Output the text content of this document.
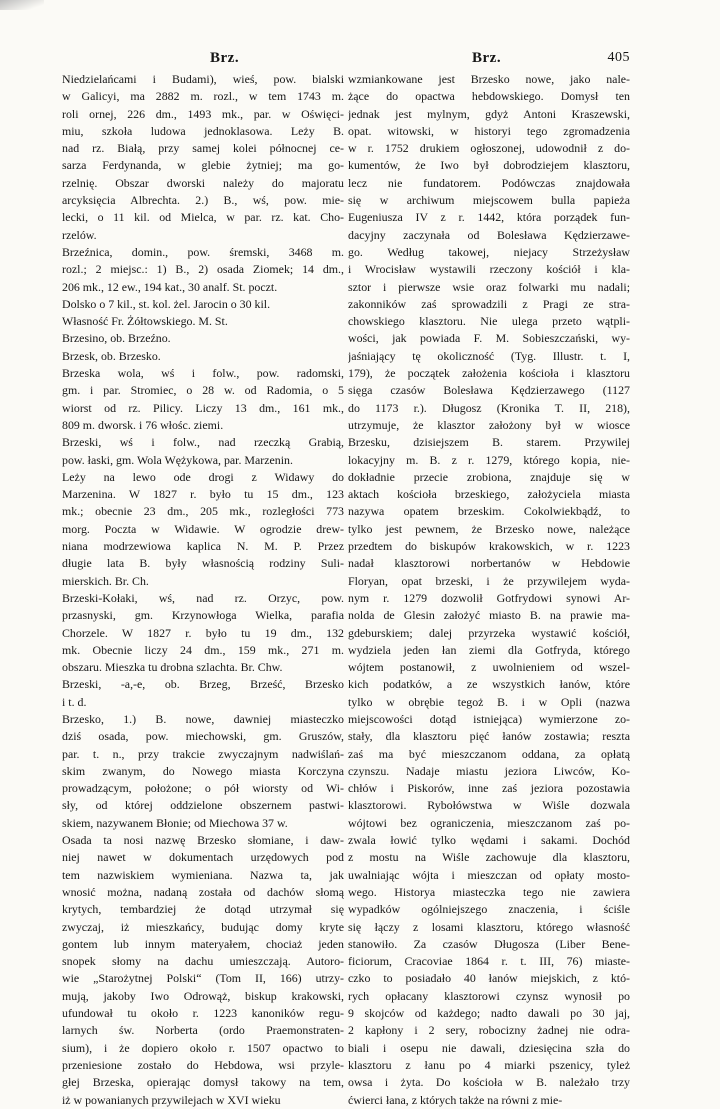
Brz.	Brz.	405
Niedzielańcami i Budami), wieś, pow. bialski
w Galicyi, ma 2882 m. rozl., w tem 1743 m.
roli ornej, 226 dm., 1493 mk., par. w Oświęci-
miu, szkoła ludowa jednoklasowa. Leży B.
nad rz. Białą, przy samej kolei północnej ce-
sarza Ferdynanda, w glebie żytniej; ma go-
rzelnię. Obszar dworski należy do majoratu
arcyksięcia Albrechta. 2.) B., wś, pow. mie-
lecki, o 11 kil. od Mielca, w par. rz. kat. Cho-
rzelów.
Brzeźnica, domin., pow. śremski, 3468 m.
rozl.; 2 miejsc.: 1) B., 2) osada Ziomek; 14 dm.,
206 mk., 12 ew., 194 kat., 30 analf. St. poczt.
Dolsko o 7 kil., st. kol. żel. Jarocin o 30 kil.
Własność Fr. Żółtowskiego. M. St.
Brzesino, ob. Brzeźno.
Brzesk, ob. Brzesko.
Brzeska wola, wś i folw., pow. radomski,
gm. i par. Stromiec, o 28 w. od Radomia, o 5
wiorst od rz. Pilicy. Liczy 13 dm., 161 mk.,
809 m. dworsk. i 76 włośc. ziemi.
Brzeski, wś i folw., nad rzeczką Grabią,
pow. łaski, gm. Wola Wężykowa, par. Marzenin.
Leży na lewo ode drogi z Widawy do
Marzenina. W 1827 r. było tu 15 dm., 123
mk.; obecnie 23 dm., 205 mk., rozległości 773
morg. Poczta w Widawie. W ogrodzie drew-
niana modrzewiowa kaplica N. M. P. Przez
długie lata B. były własnością rodziny Suli-
mierskich. Br. Ch.
Brzeski-Kołaki, wś, nad rz. Orzyc, pow.
przasnyski, gm. Krzynowłoga Wielka, parafia
Chorzele. W 1827 r. było tu 19 dm., 132
mk. Obecnie liczy 24 dm., 159 mk., 271 m.
obszaru. Mieszka tu drobna szlachta. Br. Chw.
Brzeski, -a,-e, ob. Brzeg, Brześć, Brzesko
i t. d.
Brzesko, 1.) B. nowe, dawniej miasteczko
dziś osada, pow. miechowski, gm. Gruszów,
par. t. n., przy trakcie zwyczajnym nadwiślań-
skim zwanym, do Nowego miasta Korczyna
prowadzącym, położone; o pół wiorsty od Wi-
sły, od której oddzielone obszernem pastwi-
skiem, nazywanem Błonie; od Miechowa 37 w.
Osada ta nosi nazwę Brzesko słomiane, i daw-
niej nawet w dokumentach urzędowych pod
tem nazwiskiem wymieniana. Nazwa ta, jak
wnosić można, nadaną została od dachów słomą
krytych, tembardziej że dotąd utrzymał się
zwyczaj, iż mieszkańcy, budując domy kryte
gontem lub innym materyałem, chociaż jeden
snopek słomy na dachu umieszczają. Autoro-
wie „Starożytnej Polski“ (Tom II, 166) utrzy-
mują, jakoby Iwo Odrowąż, biskup krakowski,
ufundował tu około r. 1223 kanoników regu-
larnych św. Norberta (ordo Praemonstraten-
sium), i że dopiero około r. 1507 opactwo to
przeniesione zostało do Hebdowa, wsi przyle-
głej Brzeska, opierając domysł takowy na tem,
iż w powanianych przywilejach w XVI wieku
wzmiankowane jest Brzesko nowe, jako nale-
żące do opactwa hebdowskiego. Domysł ten
jednak jest mylnym, gdyż Antoni Kraszewski,
opat. witowski, w historyi tego zgromadzenia
w r. 1752 drukiem ogłoszonej, udowodnił z do-
kumentów, że Iwo był dobrodziejem klasztoru,
lecz nie fundatorem. Podówczas znajdowała
się w archiwum miejscowem bulla papieża
Eugeniusza IV z r. 1442, która porządek fun-
dacyjny zaczynała od Bolesława Kędzierzawe-
go. Według takowej, niejacy Strzeżysław
i Wrocisław wystawili rzeczony kościół i kla-
sztor i pierwsze wsie oraz folwarki mu nadali;
zakonników zaś sprowadzili z Pragi ze stra-
chowskiego klasztoru. Nie ulega przeto wątpli-
wości, jak powiada F. M. Sobieszczański, wy-
jaśniający tę okoliczność (Tyg. Illustr. t. I,
179), że początek założenia kościoła i klasztoru
sięga czasów Bolesława Kędzierzawego (1127
do 1173 r.). Długosz (Kronika T. II, 218),
utrzymuje, że klasztor założony był w wiosce
Brzesku, dzisiejszem B. starem. Przywilej
lokacyjny m. B. z r. 1279, którego kopia, nie-
dokładnie przecie zrobiona, znajduje się w
aktach kościoła brzeskiego, założyciela miasta
nazywa opatem brzeskim. Cokolwiekbądź, to
tylko jest pewnem, że Brzesko nowe, należące
przedtem do biskupów krakowskich, w r. 1223
nadał klasztorowi norbertanów w Hebdowie
Floryan, opat brzeski, i że przywilejem wyda-
nym r. 1279 dozwolił Gotfrydowi synowi Ar-
nolda de Glesin założyć miasto B. na prawie ma-
gdeburskiem; dalej przyrzeka wystawić kościół,
wydziela jeden łan ziemi dla Gotfryda, którego
wójtem postanowił, z uwolnieniem od wszel-
kich podatków, a ze wszystkich łanów, które
tylko w obrębie tegoż B. i w Opli (nazwa
miejscowości dotąd istniejąca) wymierzone zo-
stały, dla klasztoru pięć łanów zostawia; reszta
zaś ma być mieszczanom oddana, za opłatą
czynszu. Nadaje miastu jeziora Liwców, Ko-
chłów i Piskorów, inne zaś jeziora pozostawia
klasztorowi. Rybołówstwa w Wiśle dozwala
wójtowi bez ograniczenia, mieszczanom zaś po-
zwala łowić tylko wędami i sakami. Dochód
z mostu na Wiśle zachowuje dla klasztoru,
uwalniając wójta i mieszczan od opłaty mosto-
wego. Historya miasteczka tego nie zawiera
wypadków ogólniejszego znaczenia, i ściśle
się łączy z losami klasztoru, którego własność
stanowiło. Za czasów Długosza (Liber Bene-
ficiorum, Cracoviae 1864 r. t. III, 76) miaste-
czko to posiadało 40 łanów miejskich, z któ-
rych opłacany klasztorowi czynsz wynosił po
9 skojców od każdego; nadto dawali po 30 jaj,
2 kapłony i 2 sery, robocizny żadnej nie odra-
biali i osepu nie dawali, dziesięcina szła do
klasztoru z łanu po 4 miarki pszenicy, tyleż
owsa i żyta. Do kościoła w B. należało trzy
ćwierci łana, z których także na równi z mie-
